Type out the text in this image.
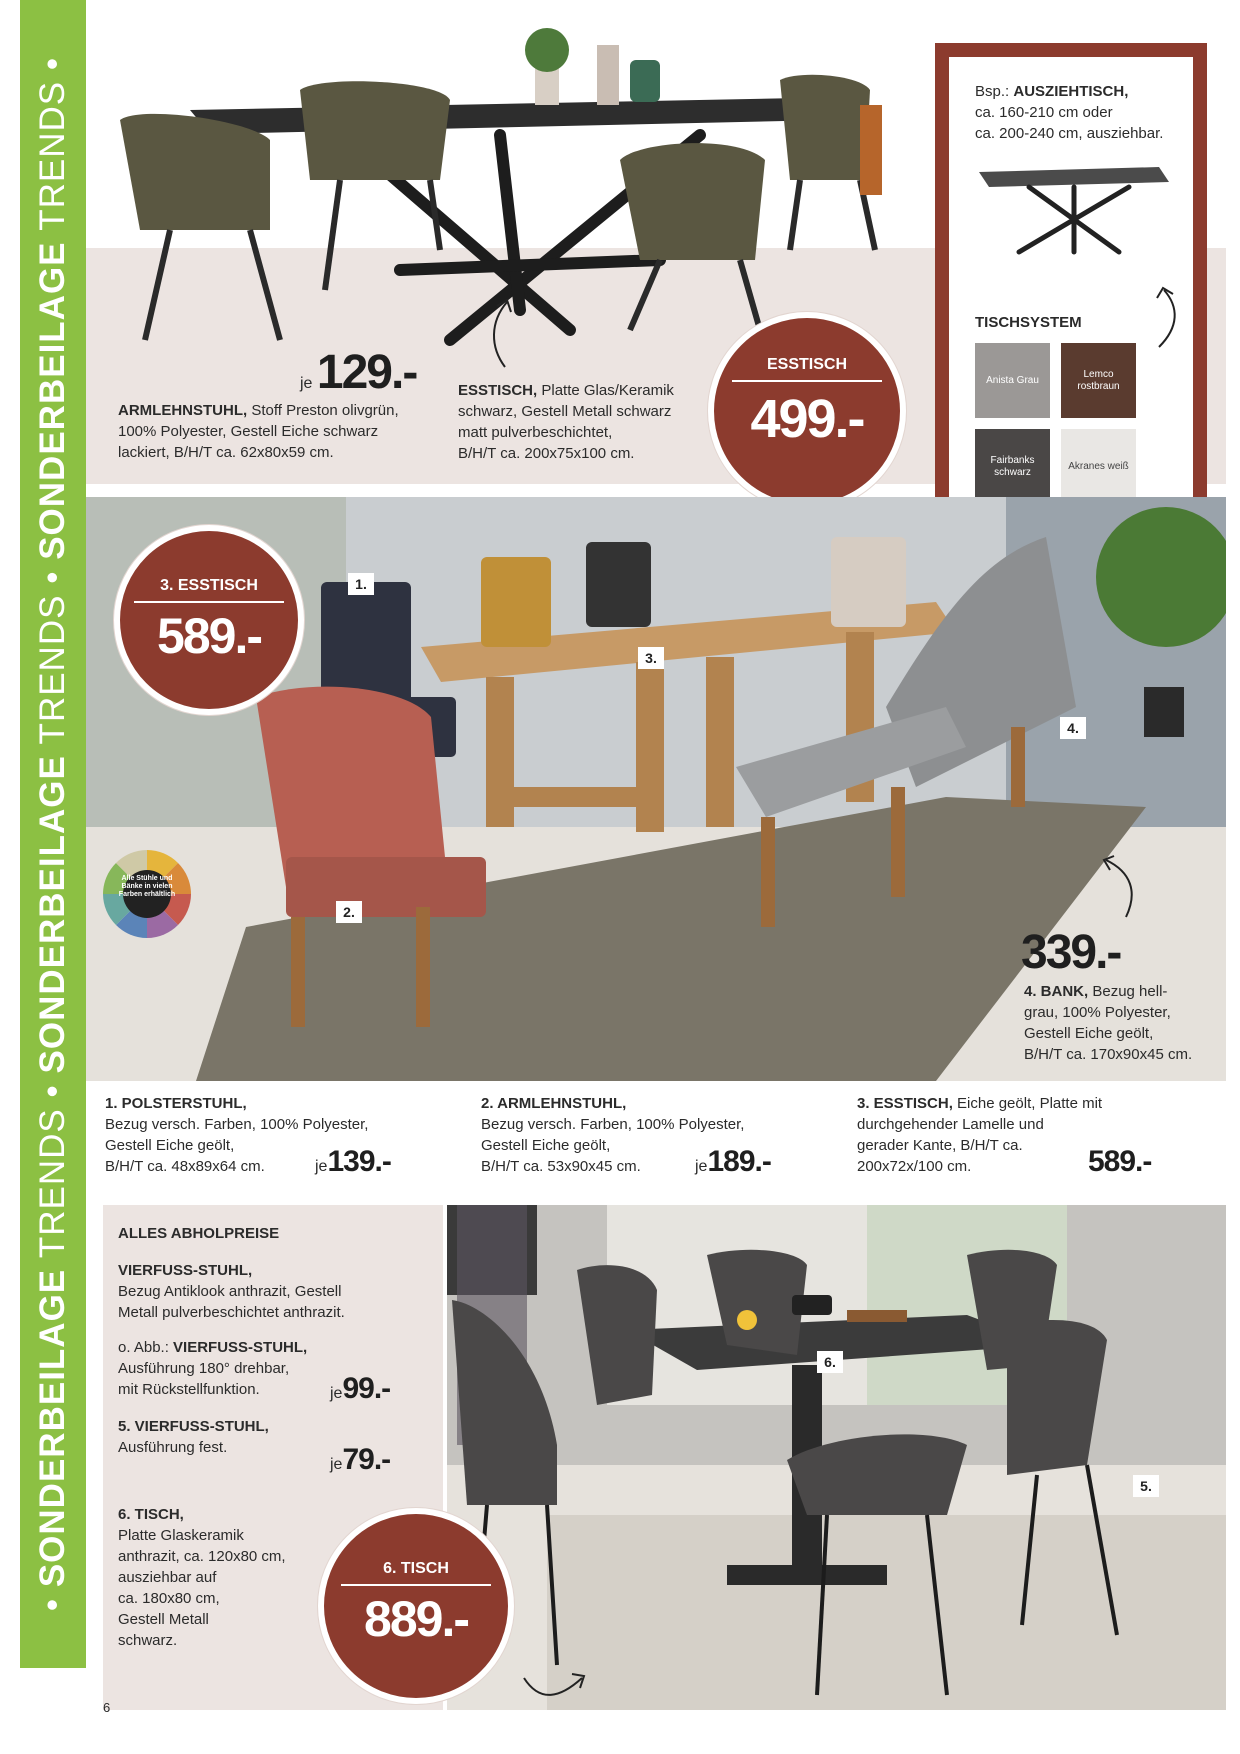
•

SONDERBEILAGE

TRENDS

•

SONDERBEILAGE

TRENDS

•

SONDERBEILAGE

TRENDS

•
je 129.-
ARMLEHNSTUHL, Stoff Preston olivgrün,
100% Polyester, Gestell Eiche schwarz
lackiert, B/H/T ca. 62x80x59 cm.
ESSTISCH, Platte Glas/Keramik
schwarz, Gestell Metall schwarz
matt pulverbeschichtet,
B/H/T ca. 200x75x100 cm.
ESSTISCH
499.-
Bsp.: AUSZIEHTISCH,
ca. 160-210 cm oder
ca. 200-240 cm, ausziehbar.
TISCHSYSTEM
Anista Grau
Lemco rostbraun
Fairbanks schwarz
Akranes weiß
Alle Stühle und Bänke in vielen Farben erhältlich
1.
2.
3.
4.
339.-
4. BANK, Bezug hell-
grau, 100% Polyester,
Gestell Eiche geölt,
B/H/T ca. 170x90x45 cm.
3. ESSTISCH
589.-
1. POLSTERSTUHL,
Bezug versch. Farben, 100% Polyester,
Gestell Eiche geölt,
B/H/T ca. 48x89x64 cm.	je139.-
2. ARMLEHNSTUHL,
Bezug versch. Farben, 100% Polyester,
Gestell Eiche geölt,
B/H/T ca. 53x90x45 cm.	je189.-
3. ESSTISCH, Eiche geölt, Platte mit
durchgehender Lamelle und
gerader Kante, B/H/T ca.
200x72x/100 cm.	589.-
6.
5.
ALLES ABHOLPREISE
VIERFUSS-STUHL,
Bezug Antiklook anthrazit, Gestell
Metall pulverbeschichtet anthrazit.
o. Abb.: VIERFUSS-STUHL,
Ausführung 180° drehbar,
mit Rückstellfunktion.
5. VIERFUSS-STUHL,
Ausführung fest.
6. TISCH,
Platte Glaskeramik
anthrazit, ca. 120x80 cm,
ausziehbar auf
ca. 180x80 cm,
Gestell Metall
schwarz.
je99.-
je79.-
6. TISCH
889.-
6
